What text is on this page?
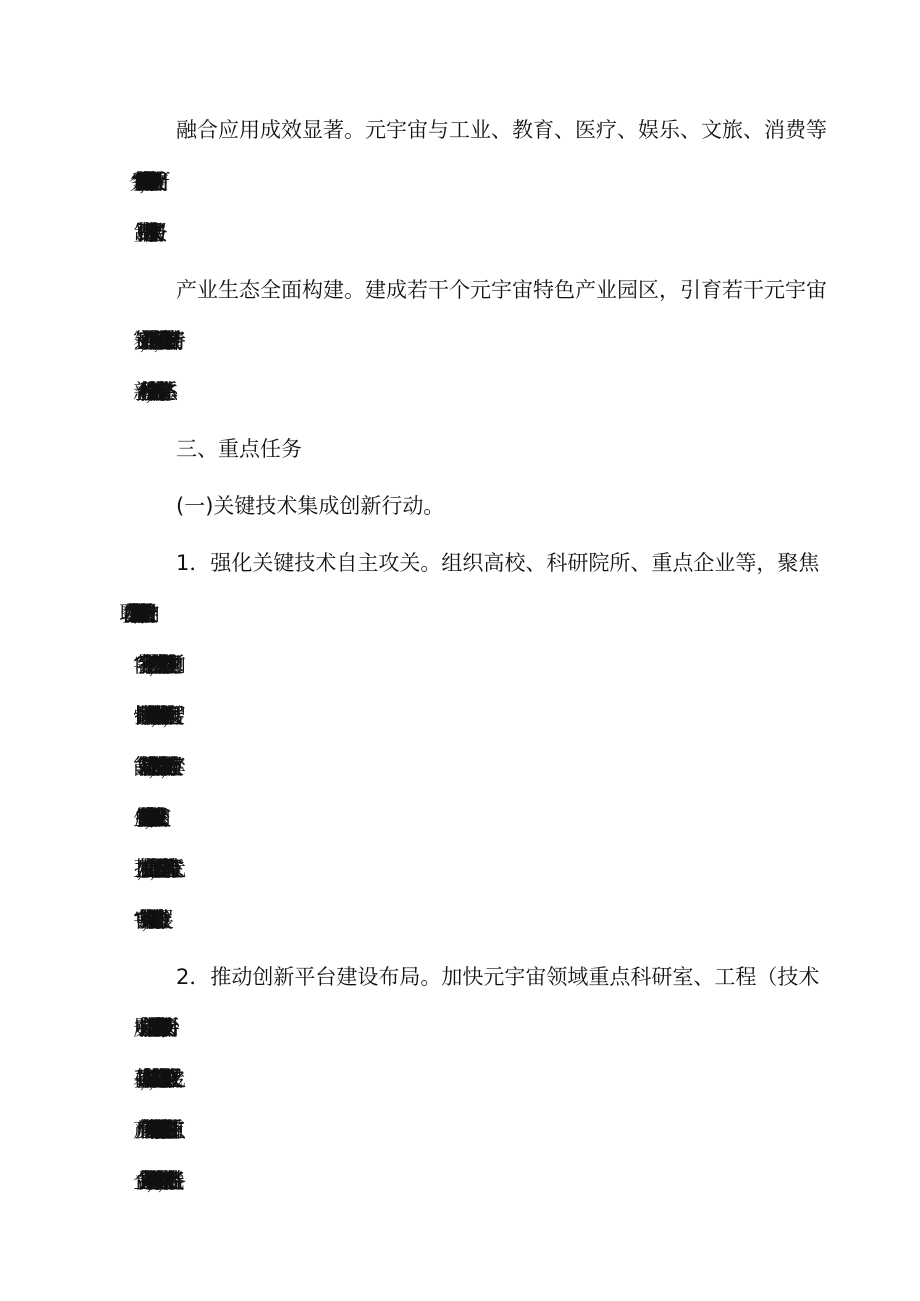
融合应用成效显著。元宇宙与工业、教育、医疗、娱乐、文旅、消费等
领域深度融合，打造50个元宇宙典型应用场景，形成一批引领行业前沿可
复制、可推广的标志性成果和服务。
产业生态全面构建。建成若干个元宇宙特色产业园区，引育若干元宇宙
赛道链主企业，打造一批元宇宙领域示范楼宇，培育一批细分领域〃专精特
新〃企业和科技型中小企业，加速培育元宇宙产业生态体系。
三、重点任务
(一)关键技术集成创新行动。
1．强化关键技术自主攻关。组织高校、科研院所、重点企业等，聚焦
元宇宙前沿导向,开展基础研究,联合攻关数字孪生、智能交互、数字人、数
字内容等元宇宙关键核心自主技术，着力突破元宇宙领域共性理论问题。加
快探索以区块链为核心的数据流通技术，解决一批〃卡脖子〃问题，发展智
能采集、智能生成等内容生产技术，释放元宇宙集成创新动能，拓展数字孪
生虚拟仿真技术应用场景和应用深度,以重点需求为牵引，持续攻关感知交
互技术，加快自主技术产品升级迭代，推动新型显示、人工智能等技术在元
宇宙中的集成突破，带动相关技术跨界融合发展。
2．推动创新平台建设布局。加快元宇宙领域重点科研室、工程（技术
册究中心、技术创新中心、技术研究中心等多层级技术创新平台,着力加强
基础技术研究，加快共性技术突破，构建集技术研发、中试验证、成果转化、
产业应用为一体的全链条贯通式新型组织模式。鼓励高校、科研院所和重点
企业合力打造产业创新联合体，推动产学研用深度融合，针对元宇宙赋能各
